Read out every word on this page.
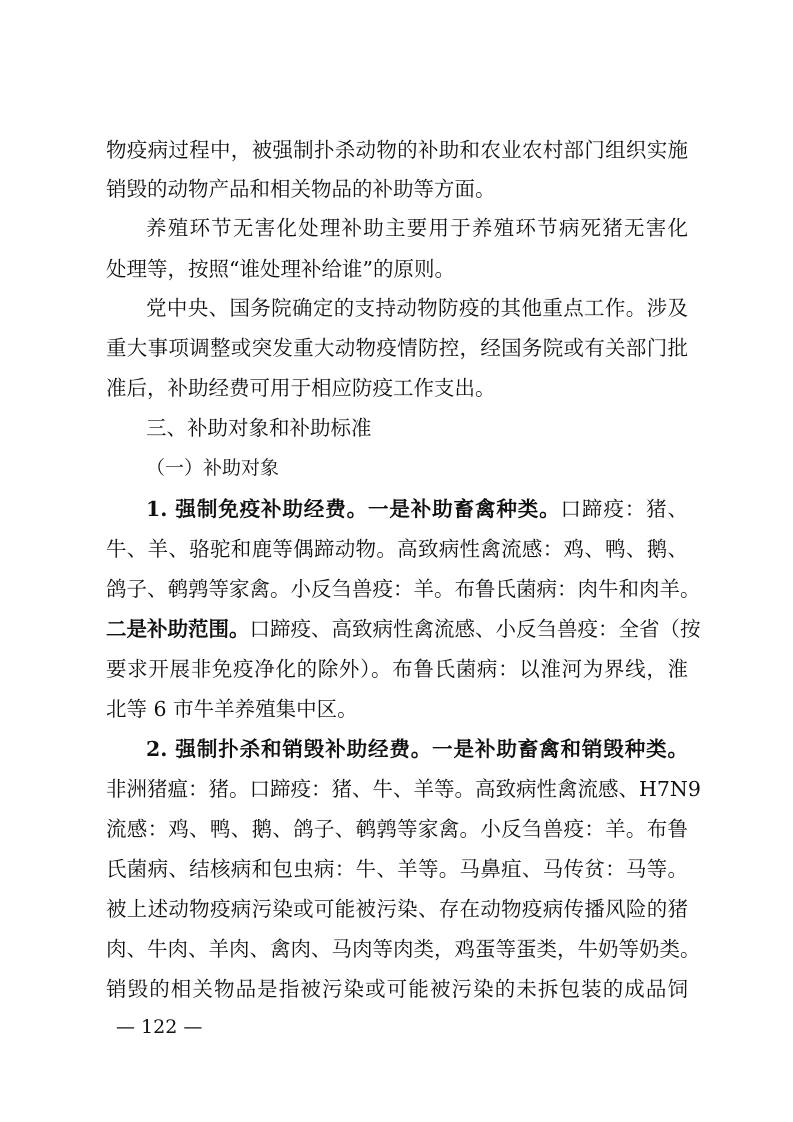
物疫病过程中，被强制扑杀动物的补助和农业农村部门组织实施
销毁的动物产品和相关物品的补助等方面。
养殖环节无害化处理补助主要用于养殖环节病死猪无害化
处理等，按照“谁处理补给谁”的原则。
党中央、国务院确定的支持动物防疫的其他重点工作。涉及
重大事项调整或突发重大动物疫情防控，经国务院或有关部门批
准后，补助经费可用于相应防疫工作支出。
三、补助对象和补助标准
（一）补助对象
1. 强制免疫补助经费。一是补助畜禽种类。口蹄疫：猪、
牛、羊、骆驼和鹿等偶蹄动物。高致病性禽流感：鸡、鸭、鹅、
鸽子、鹌鹑等家禽。小反刍兽疫：羊。布鲁氏菌病：肉牛和肉羊。
二是补助范围。口蹄疫、高致病性禽流感、小反刍兽疫：全省（按
要求开展非免疫净化的除外）。布鲁氏菌病：以淮河为界线，淮
北等 6 市牛羊养殖集中区。
2. 强制扑杀和销毁补助经费。一是补助畜禽和销毁种类。
非洲猪瘟：猪。口蹄疫：猪、牛、羊等。高致病性禽流感、H7N9
流感：鸡、鸭、鹅、鸽子、鹌鹑等家禽。小反刍兽疫：羊。布鲁
氏菌病、结核病和包虫病：牛、羊等。马鼻疽、马传贫：马等。
被上述动物疫病污染或可能被污染、存在动物疫病传播风险的猪
肉、牛肉、羊肉、禽肉、马肉等肉类，鸡蛋等蛋类，牛奶等奶类。
销毁的相关物品是指被污染或可能被污染的未拆包装的成品饲
— 122 —
